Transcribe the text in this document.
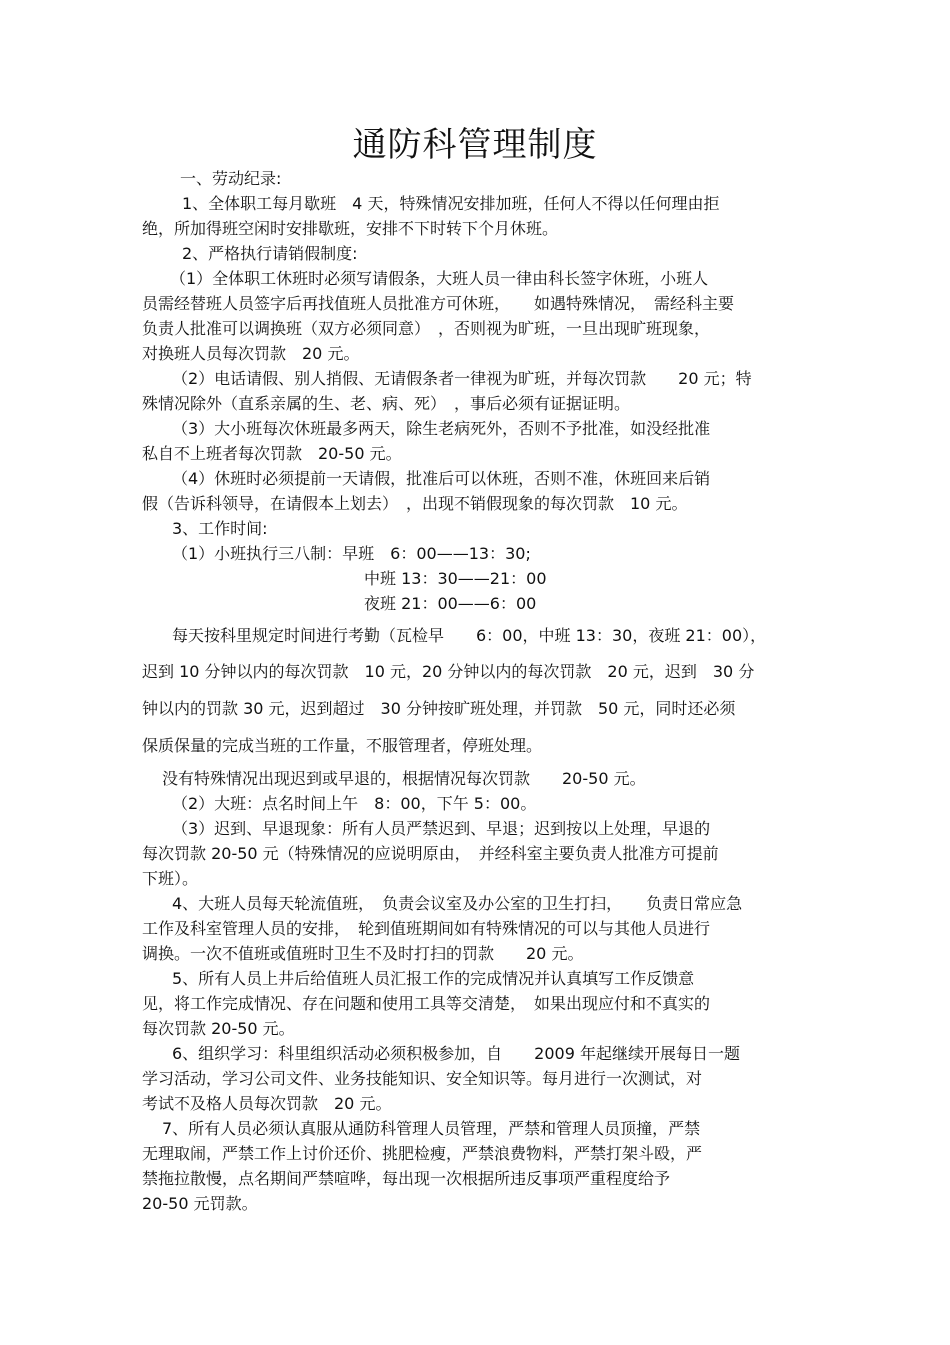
通防科管理制度
一、劳动纪录:
1、全体职工每月歇班　4 天，特殊情况安排加班，任何人不得以任何理由拒
绝，所加得班空闲时安排歇班，安排不下时转下个月休班。
2、严格执行请销假制度:
（1）全体职工休班时必须写请假条，大班人员一律由科长签字休班，小班人
员需经替班人员签字后再找值班人员批准方可休班，　　如遇特殊情况，　需经科主要
负责人批准可以调换班（双方必须同意）　，否则视为旷班，一旦出现旷班现象，
对换班人员每次罚款　20 元。
（2）电话请假、别人捎假、无请假条者一律视为旷班，并每次罚款　　20 元；特
殊情况除外（直系亲属的生、老、病、死）　，事后必须有证据证明。
（3）大小班每次休班最多两天，除生老病死外，否则不予批准，如没经批准
私自不上班者每次罚款　20-50 元。
（4）休班时必须提前一天请假，批准后可以休班，否则不准，休班回来后销
假（告诉科领导，在请假本上划去）　，出现不销假现象的每次罚款　10 元。
3、工作时间:
（1）小班执行三八制：早班　6：00——13：30;
中班 13：30——21：00
夜班 21：00——6：00
每天按科里规定时间进行考勤（瓦检早　　6：00，中班 13：30，夜班 21：00），
迟到 10 分钟以内的每次罚款　10 元，20 分钟以内的每次罚款　20 元，迟到　30 分
钟以内的罚款 30 元，迟到超过　30 分钟按旷班处理，并罚款　50 元，同时还必须
保质保量的完成当班的工作量，不服管理者，停班处理。
没有特殊情况出现迟到或早退的，根据情况每次罚款　　20-50 元。
（2）大班：点名时间上午　8：00，下午 5：00。
（3）迟到、早退现象：所有人员严禁迟到、早退；迟到按以上处理，早退的
每次罚款 20-50 元（特殊情况的应说明原由，　并经科室主要负责人批准方可提前
下班）。
4、大班人员每天轮流值班，　负责会议室及办公室的卫生打扫，　　负责日常应急
工作及科室管理人员的安排，　轮到值班期间如有特殊情况的可以与其他人员进行
调换。一次不值班或值班时卫生不及时打扫的罚款　　20 元。
5、所有人员上井后给值班人员汇报工作的完成情况并认真填写工作反馈意
见，将工作完成情况、存在问题和使用工具等交清楚，　如果出现应付和不真实的
每次罚款 20-50 元。
6、组织学习：科里组织活动必须积极参加，自　　2009 年起继续开展每日一题
学习活动，学习公司文件、业务技能知识、安全知识等。每月进行一次测试，对
考试不及格人员每次罚款　20 元。
7、所有人员必须认真服从通防科管理人员管理，严禁和管理人员顶撞，严禁
无理取闹，严禁工作上讨价还价、挑肥检瘦，严禁浪费物料，严禁打架斗殴，严
禁拖拉散慢，点名期间严禁喧哗，每出现一次根据所违反事项严重程度给予
20-50 元罚款。
